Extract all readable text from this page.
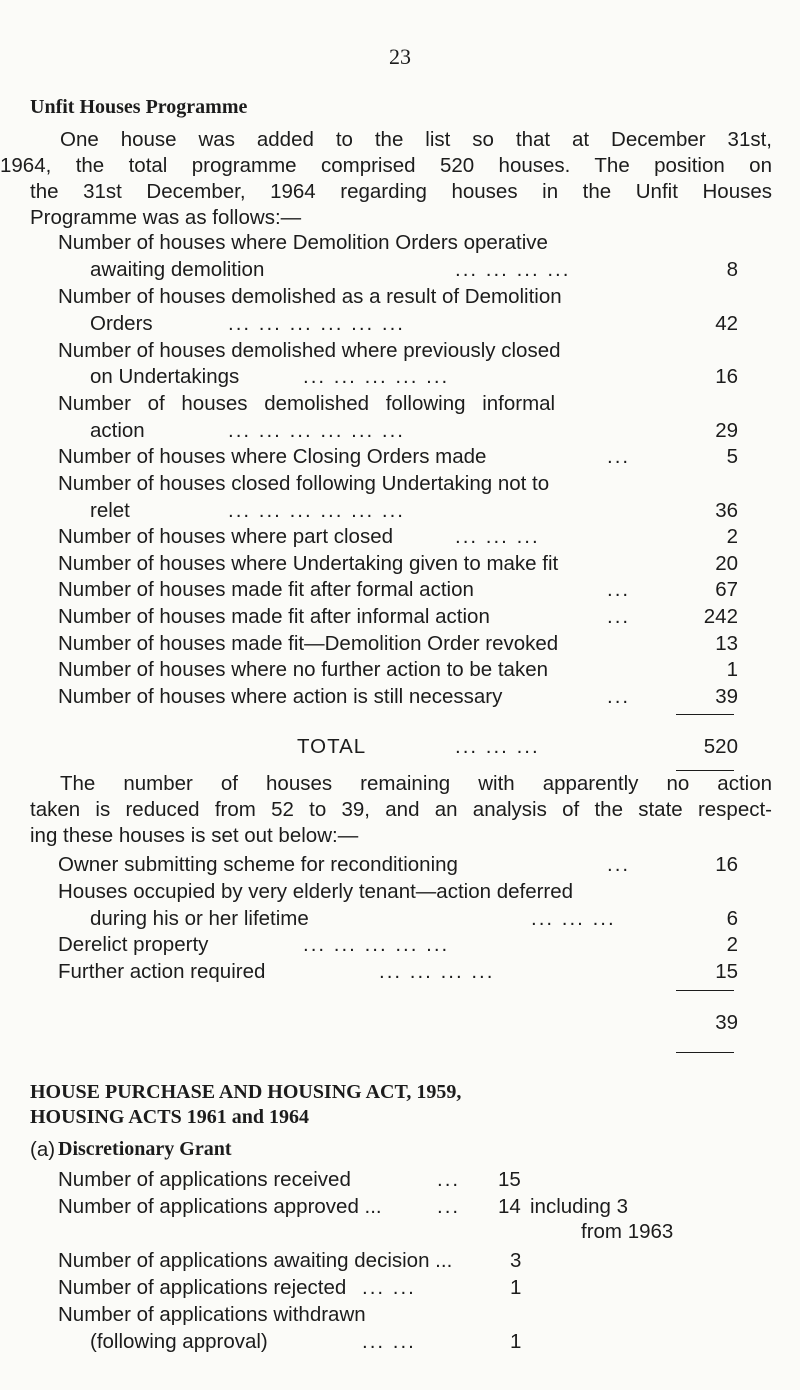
23
Unfit Houses Programme
One house was added to the list so that at December 31st,
1964, the total programme comprised 520 houses. The position on
the 31st December, 1964 regarding houses in the Unfit Houses
Programme was as follows:—
Number of houses where Demolition Orders operative
awaiting demolition	... ... ... ...	8
Number of houses demolished as a result of Demolition
Orders	... ... ... ... ... ...	42
Number of houses demolished where previously closed
on Undertakings	... ... ... ... ...	16
Number of houses demolished following informal
action	... ... ... ... ... ...	29
Number of houses where Closing Orders made	...	5
Number of houses closed following Undertaking not to
relet	... ... ... ... ... ...	36
Number of houses where part closed	... ... ...	2
Number of houses where Undertaking given to make fit	20
Number of houses made fit after formal action	...	67
Number of houses made fit after informal action	...	242
Number of houses made fit—Demolition Order revoked	13
Number of houses where no further action to be taken	1
Number of houses where action is still necessary	...	39
TOTAL	... ... ...	520
The number of houses remaining with apparently no action
taken is reduced from 52 to 39, and an analysis of the state respect-
ing these houses is set out below:—
Owner submitting scheme for reconditioning	...	16
Houses occupied by very elderly tenant—action deferred
during his or her lifetime	... ... ...	6
Derelict property	... ... ... ... ...	2
Further action required	... ... ... ...	15
39
HOUSE PURCHASE AND HOUSING ACT, 1959,
HOUSING ACTS 1961 and 1964
(a) Discretionary Grant
Number of applications received	... 15
Number of applications approved ...	... 14 including 3
from 1963
Number of applications awaiting decision ...	3
Number of applications rejected ... ...	1
Number of applications withdrawn
(following approval)	... ...	1
